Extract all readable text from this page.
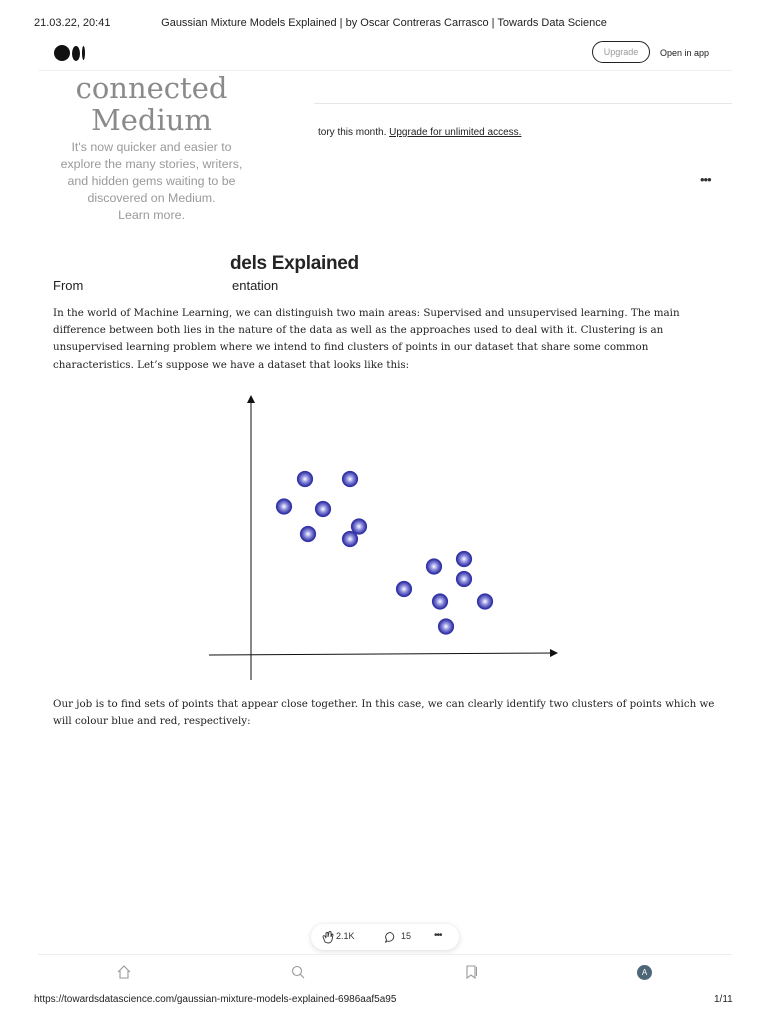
21.03.22, 20:41	Gaussian Mixture Models Explained | by Oscar Contreras Carrasco | Towards Data Science
Upgrade	Open in app
connected
Medium
It's now quicker and easier to
explore the many stories, writers,
and hidden gems waiting to be
discovered on Medium.
Learn more.
tory this month. Upgrade for unlimited access.
•••
dels Explained
From	entation
In the world of Machine Learning, we can distinguish two main areas: Supervised and unsupervised learning. The main difference between both lies in the nature of the data as well as the approaches used to deal with it. Clustering is an unsupervised learning problem where we intend to find clusters of points in our dataset that share some common characteristics. Let’s suppose we have a dataset that looks like this:
Our job is to find sets of points that appear close together. In this case, we can clearly identify two clusters of points which we will colour blue and red, respectively:
2.1K	15 •••
A
https://towardsdatascience.com/gaussian-mixture-models-explained-6986aaf5a95	1/11
